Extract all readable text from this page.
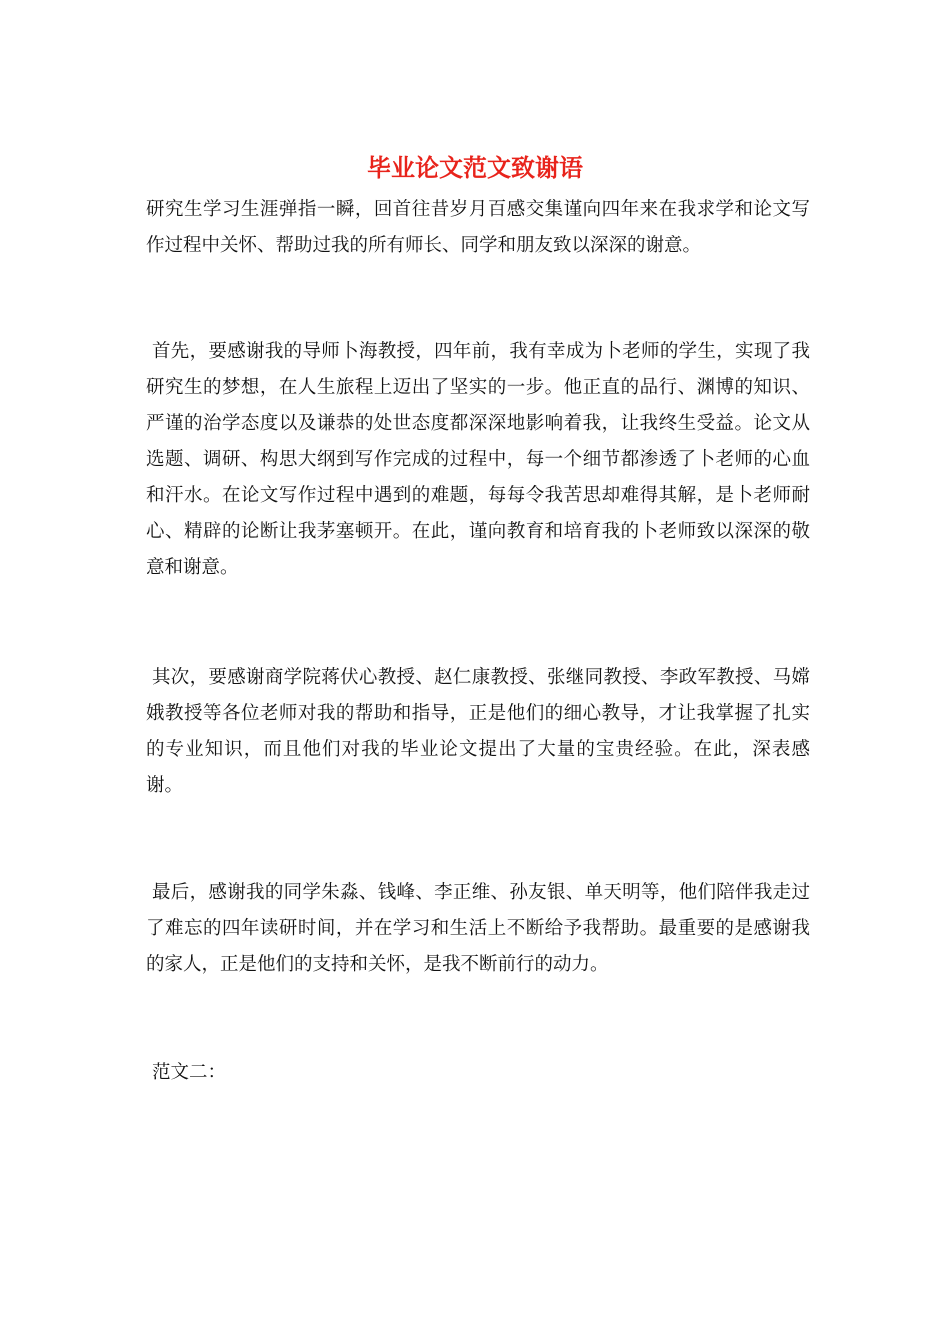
毕业论文范文致谢语

研究生学习生涯弹指一瞬，回首往昔岁月百感交集谨向四年来在我求学和论文写作过程中关怀、帮助过我的所有师长、同学和朋友致以深深的谢意。

首先，要感谢我的导师卜海教授，四年前，我有幸成为卜老师的学生，实现了我研究生的梦想，在人生旅程上迈出了坚实的一步。他正直的品行、渊博的知识、严谨的治学态度以及谦恭的处世态度都深深地影响着我，让我终生受益。论文从选题、调研、构思大纲到写作完成的过程中，每一个细节都渗透了卜老师的心血和汗水。在论文写作过程中遇到的难题，每每令我苦思却难得其解，是卜老师耐心、精辟的论断让我茅塞顿开。在此，谨向教育和培育我的卜老师致以深深的敬意和谢意。

其次，要感谢商学院蒋伏心教授、赵仁康教授、张继同教授、李政军教授、马嫦娥教授等各位老师对我的帮助和指导，正是他们的细心教导，才让我掌握了扎实的专业知识，而且他们对我的毕业论文提出了大量的宝贵经验。在此，深表感谢。

最后，感谢我的同学朱淼、钱峰、李正维、孙友银、单天明等，他们陪伴我走过了难忘的四年读研时间，并在学习和生活上不断给予我帮助。最重要的是感谢我的家人，正是他们的支持和关怀，是我不断前行的动力。

范文二：
